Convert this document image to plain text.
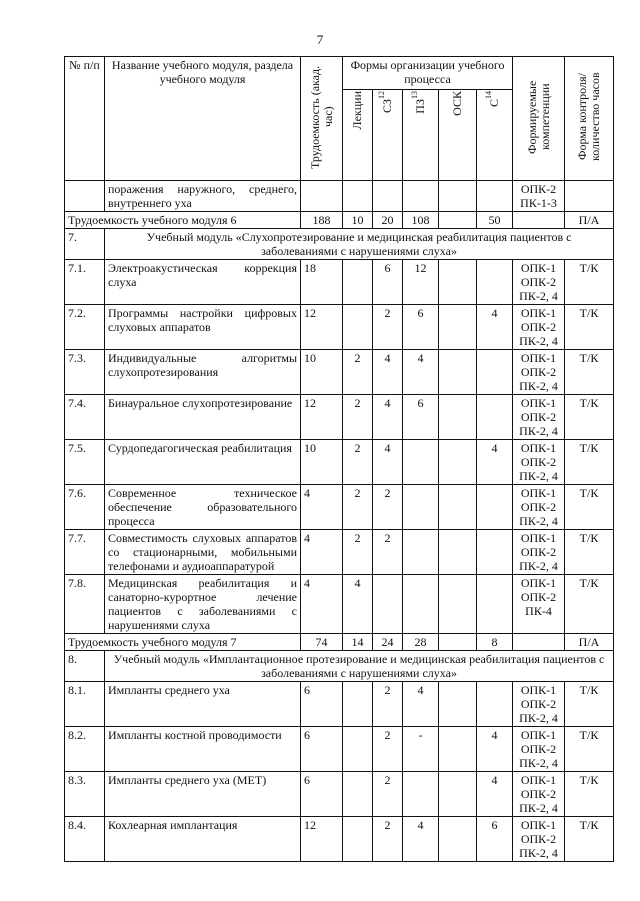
7
№ п/п	Название учебного модуля, раздела учебного модуля	Трудоемкость (акад. час)	Формы организации учебного процесса					Формируемые компетенции	Форма контроля/ количество часов
			Лекции	СЗ$^{12}$	ПЗ$^{13}$	ОСК	$С^{14}$
	поражения наружного, среднего, внутреннего уха							ОПК-2
ПК-1-3	

Трудоемкость учебного модуля 6		188	10	20	108		50		П/А
7.	Учебный модуль «Слухопротезирование и медицинская реабилитация пациентов с заболеваниями с нарушениями слуха»								
7.1.	Электроакустическая коррекция слуха	18		6	12			ОПК-1
ОПК-2
ПК-2, 4	Т/К
7.2.	Программы настройки цифровых слуховых аппаратов	12		2	6		4	ОПК-1
ОПК-2
ПК-2, 4	Т/К
7.3.	Индивидуальные алгоритмы слухопротезирования	10	2	4	4			ОПК-1
ОПК-2
ПК-2, 4	Т/К
7.4.	Бинауральное слухопротезирование	12	2	4	6			ОПК-1
ОПК-2
ПК-2, 4	Т/К
7.5.	Сурдопедагогическая реабилитация	10	2	4			4	ОПК-1
ОПК-2
ПК-2, 4	Т/К
7.6.	Современное техническое обеспечение образовательного процесса	4	2	2				ОПК-1
ОПК-2
ПК-2, 4	Т/К
7.7.	Совместимость слуховых аппаратов со стационарными, мобильными телефонами и аудиоаппаратурой	4	2	2				ОПК-1
ОПК-2
ПК-2, 4	Т/К
7.8.	Медицинская реабилитация и санаторно-курортное лечение пациентов с заболеваниями с нарушениями слуха	4	4					ОПК-1
ОПК-2
ПК-4	Т/К
Трудоемкость учебного модуля 7		74	14	24	28		8		П/А
8.	Учебный модуль «Имплантационное протезирование и медицинская реабилитация пациентов с заболеваниями с нарушениями слуха»								
8.1.	Импланты среднего уха	6		2	4			ОПК-1
ОПК-2
ПК-2, 4	Т/К
8.2.	Импланты костной проводимости	6		2	-		4	ОПК-1
ОПК-2
ПК-2, 4	Т/К
8.3.	Импланты среднего уха (MET)	6		2			4	ОПК-1
ОПК-2
ПК-2, 4	Т/К
8.4.	Кохлеарная имплантация	12		2	4		6	ОПК-1
ОПК-2
ПК-2, 4	Т/К
